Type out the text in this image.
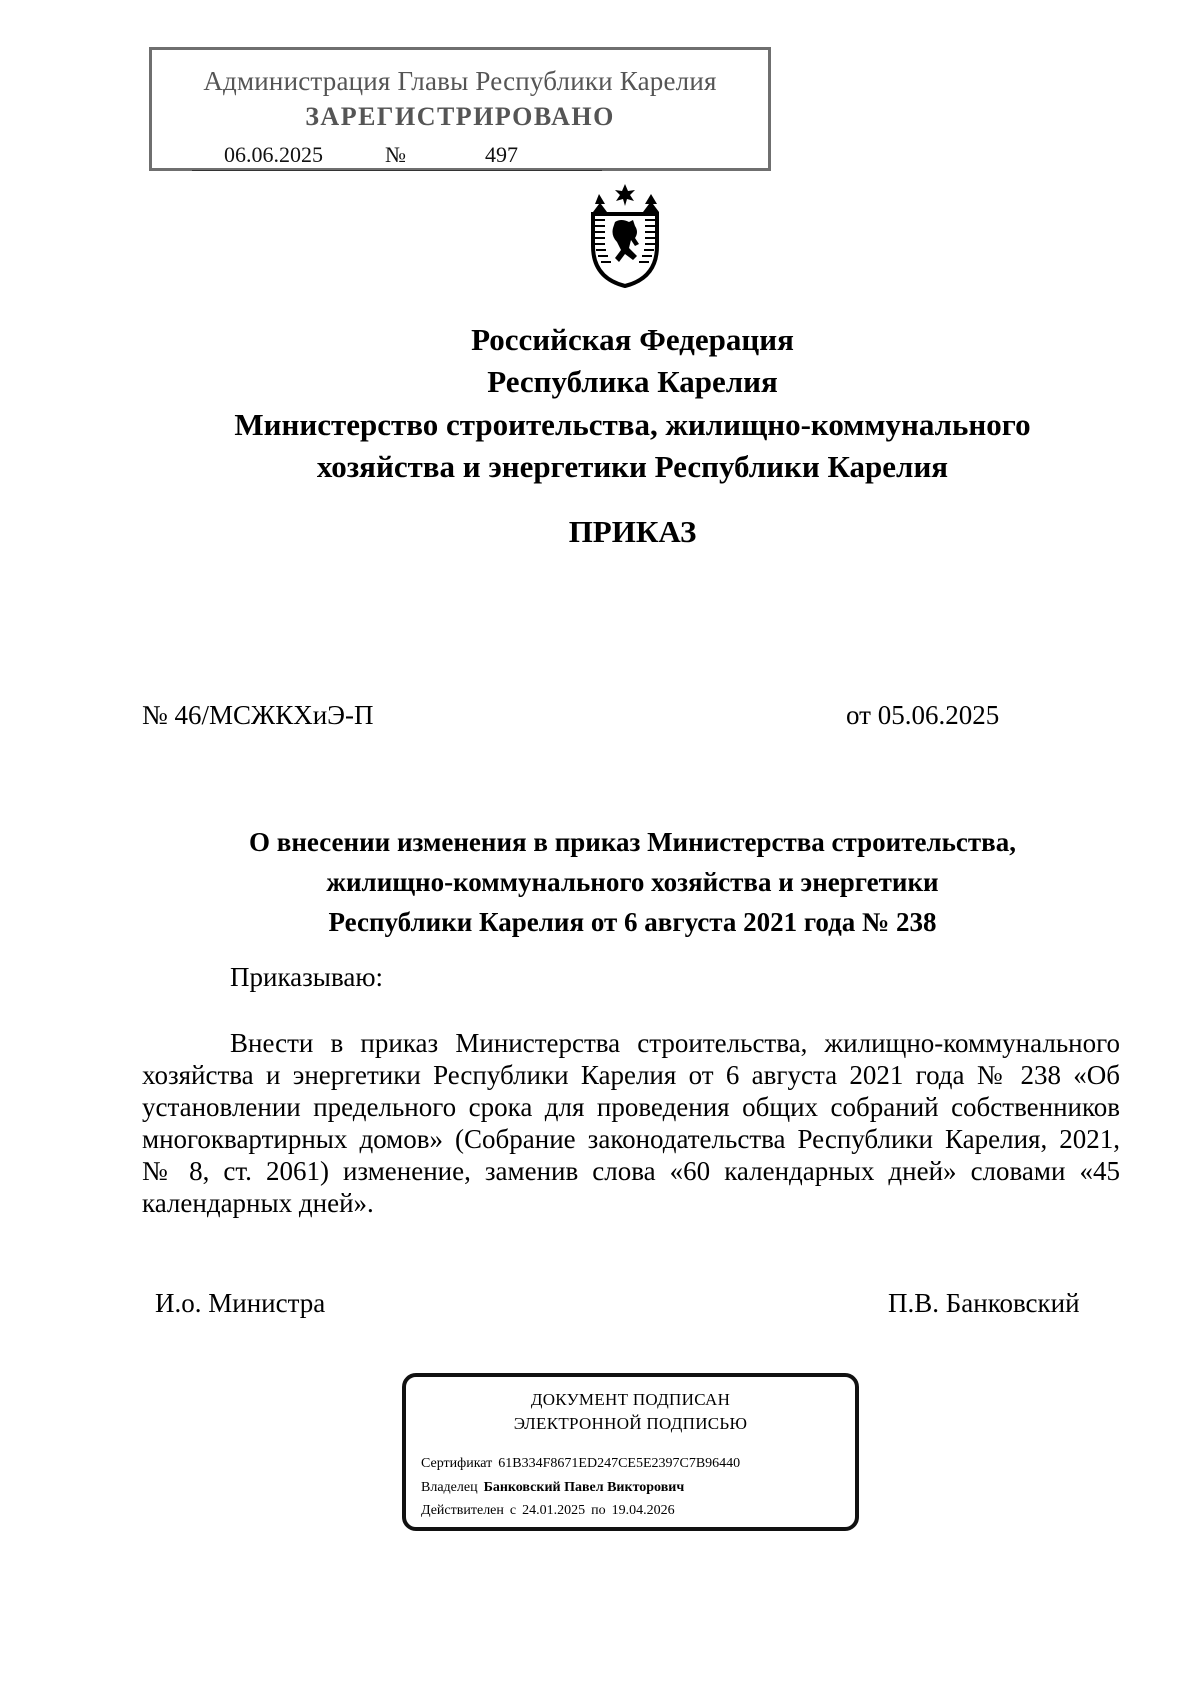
Администрация Главы Республики Карелия
ЗАРЕГИСТРИРОВАНО
06.06.2025	№	497
Российская Федерация
Республика Карелия
Министерство строительства, жилищно-коммунального
хозяйства и энергетики Республики Карелия
ПРИКАЗ
№ 46/МСЖКХиЭ-П	от 05.06.2025
О внесении изменения в приказ Министерства строительства,
жилищно-коммунального хозяйства и энергетики
Республики Карелия от 6 августа 2021 года № 238
Приказываю:

Внести в приказ Министерства строительства, жилищно-коммунального хозяйства и энергетики Республики Карелия от 6 августа 2021 года № 238 «Об установлении предельного срока для проведения общих собраний собственников многоквартирных домов» (Собрание законодательства Республики Карелия, 2021, № 8, ст. 2061) изменение, заменив слова «60 календарных дней» словами «45 календарных дней».

И.о. Министра	П.В. Банковский
ДОКУМЕНТ ПОДПИСАН
ЭЛЕКТРОННОЙ ПОДПИСЬЮ
Сертификат 61B334F8671ED247CE5E2397C7B96440
Владелец Банковский Павел Викторович
Действителен с 24.01.2025 по 19.04.2026
